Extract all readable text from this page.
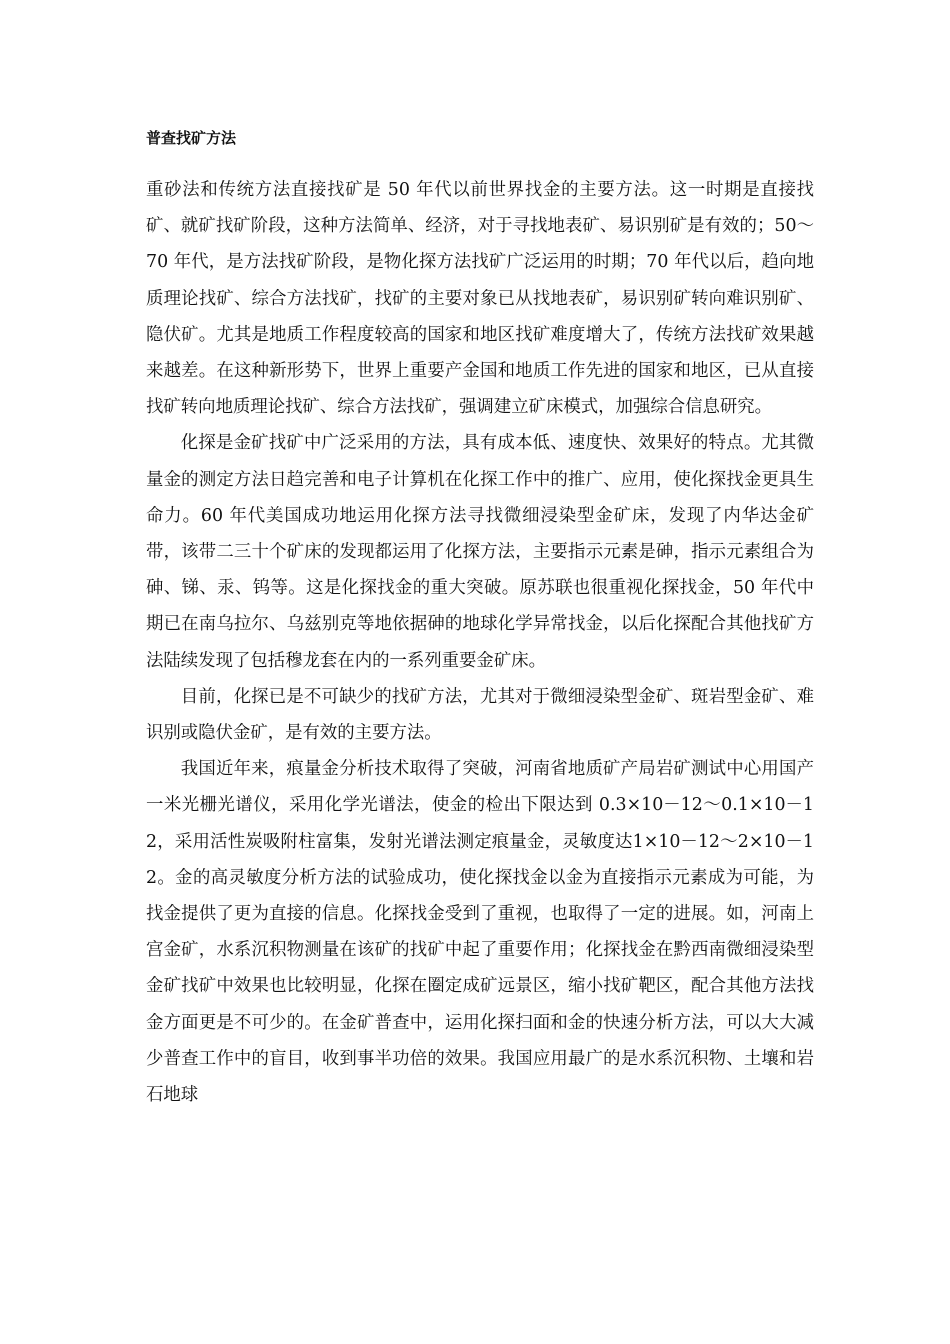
普查找矿方法

重砂法和传统方法直接找矿是 50 年代以前世界找金的主要方法。这一时期是直接找矿、就矿找矿阶段，这种方法简单、经济，对于寻找地表矿、易识别矿是有效的；50～70 年代，是方法找矿阶段，是物化探方法找矿广泛运用的时期；70 年代以后，趋向地质理论找矿、综合方法找矿，找矿的主要对象已从找地表矿，易识别矿转向难识别矿、隐伏矿。尤其是地质工作程度较高的国家和地区找矿难度增大了，传统方法找矿效果越来越差。在这种新形势下，世界上重要产金国和地质工作先进的国家和地区，已从直接找矿转向地质理论找矿、综合方法找矿，强调建立矿床模式，加强综合信息研究。

化探是金矿找矿中广泛采用的方法，具有成本低、速度快、效果好的特点。尤其微量金的测定方法日趋完善和电子计算机在化探工作中的推广、应用，使化探找金更具生命力。60 年代美国成功地运用化探方法寻找微细浸染型金矿床，发现了内华达金矿带，该带二三十个矿床的发现都运用了化探方法，主要指示元素是砷，指示元素组合为砷、锑、汞、钨等。这是化探找金的重大突破。原苏联也很重视化探找金，50 年代中期已在南乌拉尔、乌兹别克等地依据砷的地球化学异常找金，以后化探配合其他找矿方法陆续发现了包括穆龙套在内的一系列重要金矿床。

目前，化探已是不可缺少的找矿方法，尤其对于微细浸染型金矿、斑岩型金矿、难识别或隐伏金矿，是有效的主要方法。

我国近年来，痕量金分析技术取得了突破，河南省地质矿产局岩矿测试中心用国产一米光栅光谱仪，采用化学光谱法，使金的检出下限达到 0.3×10－12～0.1×10－12，采用活性炭吸附柱富集，发射光谱法测定痕量金，灵敏度达1×10－12～2×10－12。金的高灵敏度分析方法的试验成功，使化探找金以金为直接指示元素成为可能，为找金提供了更为直接的信息。化探找金受到了重视，也取得了一定的进展。如，河南上宫金矿，水系沉积物测量在该矿的找矿中起了重要作用；化探找金在黔西南微细浸染型金矿找矿中效果也比较明显，化探在圈定成矿远景区，缩小找矿靶区，配合其他方法找金方面更是不可少的。在金矿普查中，运用化探扫面和金的快速分析方法，可以大大减少普查工作中的盲目，收到事半功倍的效果。我国应用最广的是水系沉积物、土壤和岩石地球
